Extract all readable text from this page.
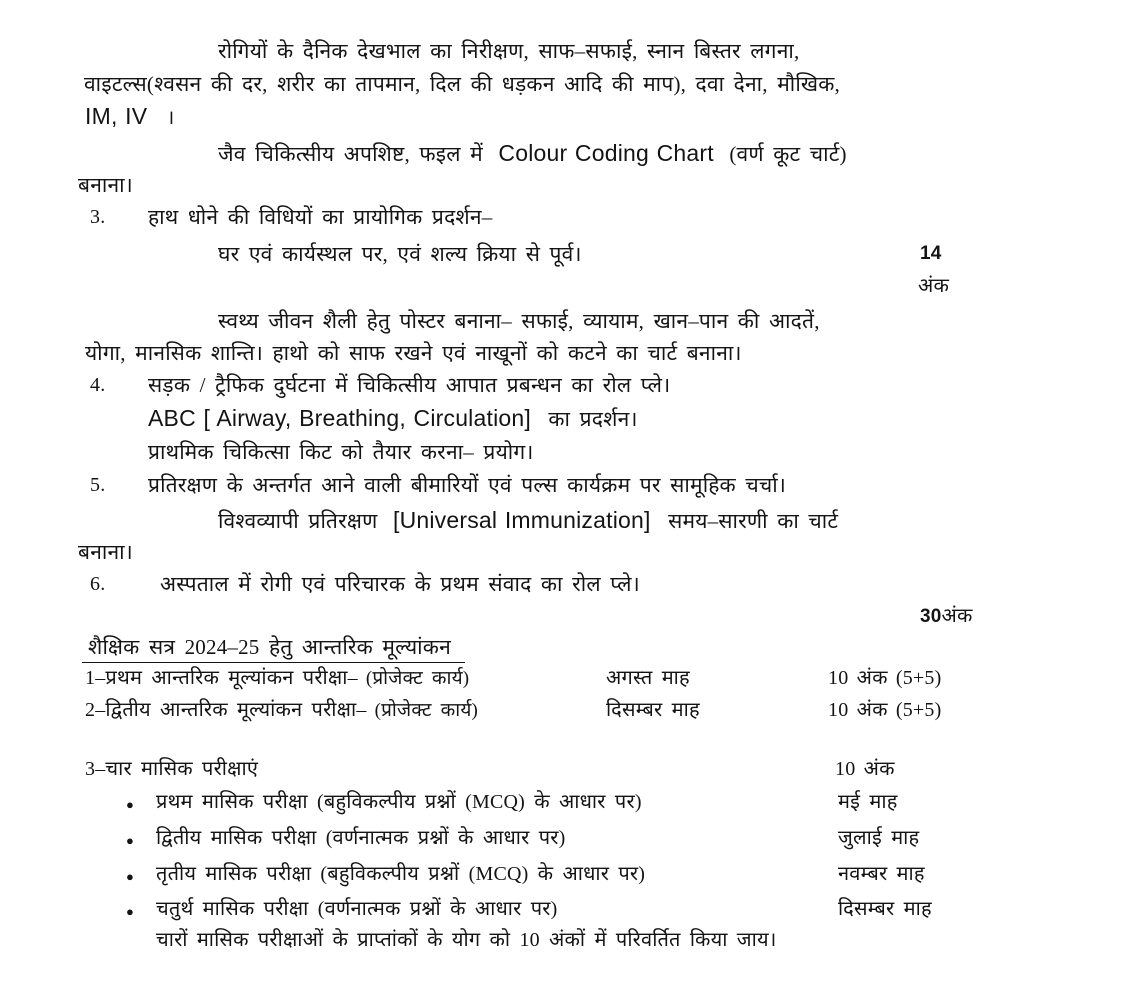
रोगियों के दैनिक देखभाल का निरीक्षण, साफ–सफाई, स्नान बिस्तर लगना,
वाइटल्स(श्वसन की दर, शरीर का तापमान, दिल की धड़कन आदि की माप), दवा देना, मौखिक,
IM, IV ।
जैव चिकित्सीय अपशिष्ट, फइल में Colour Coding Chart (वर्ण कूट चार्ट)
बनाना।
3. हाथ धोने की विधियों का प्रायोगिक प्रदर्शन–
घर एवं कार्यस्थल पर, एवं शल्य क्रिया से पूर्व।	14
अंक
स्वथ्य जीवन शैली हेतु पोस्टर बनाना– सफाई, व्यायाम, खान–पान की आदतें,
योगा, मानसिक शान्ति। हाथो को साफ रखने एवं नाखूनों को कटने का चार्ट बनाना।
4. सड़क / ट्रैफिक दुर्घटना में चिकित्सीय आपात प्रबन्धन का रोल प्ले।
ABC [ Airway, Breathing, Circulation] का प्रदर्शन।
प्राथमिक चिकित्सा किट को तैयार करना– प्रयोग।
5. प्रतिरक्षण के अन्तर्गत आने वाली बीमारियों एवं पल्स कार्यक्रम पर सामूहिक चर्चा।
विश्वव्यापी प्रतिरक्षण [Universal Immunization] समय–सारणी का चार्ट
बनाना।
6.	अस्पताल में रोगी एवं परिचारक के प्रथम संवाद का रोल प्ले।
30अंक
शैक्षिक सत्र 2024–25 हेतु आन्तरिक मूल्यांकन
1–प्रथम आन्तरिक मूल्यांकन परीक्षा– (प्रोजेक्ट कार्य)	अगस्त माह	10 अंक (5+5)
2–द्वितीय आन्तरिक मूल्यांकन परीक्षा– (प्रोजेक्ट कार्य)	दिसम्बर माह	10 अंक (5+5)
3–चार मासिक परीक्षाएं	10 अंक
● प्रथम मासिक परीक्षा (बहुविकल्पीय प्रश्नों (MCQ) के आधार पर)	मई माह
● द्वितीय मासिक परीक्षा (वर्णनात्मक प्रश्नों के आधार पर)	जुलाई माह
● तृतीय मासिक परीक्षा (बहुविकल्पीय प्रश्नों (MCQ) के आधार पर)	नवम्बर माह
● चतुर्थ मासिक परीक्षा (वर्णनात्मक प्रश्नों के आधार पर)	दिसम्बर माह
चारों मासिक परीक्षाओं के प्राप्तांकों के योग को 10 अंकों में परिवर्तित किया जाय।
